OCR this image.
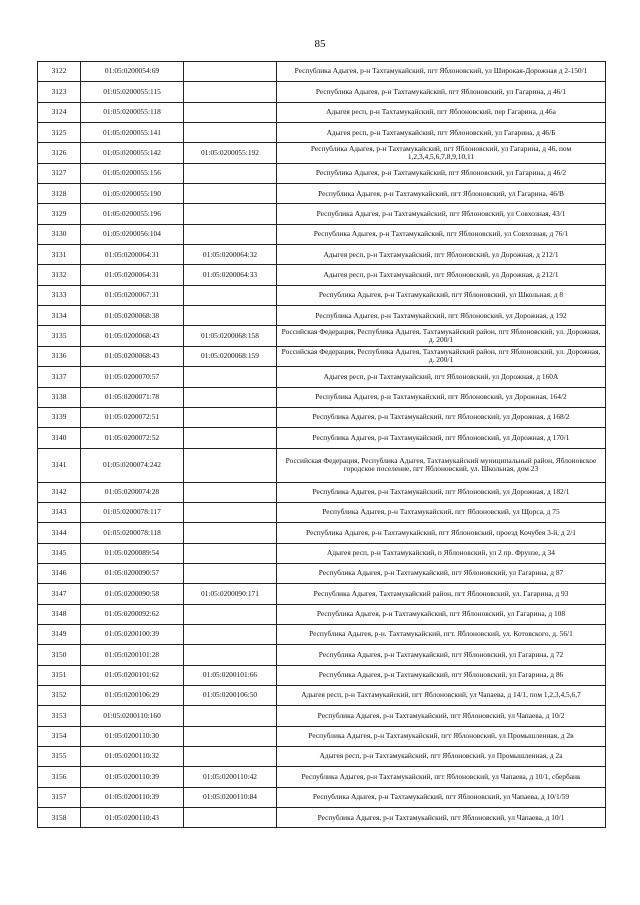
85
3122	01:05:0200054:69		Республика Адыгея, р-н Тахтамукайский, пгт Яблоновский, ул Широкая-Дорожная д 2-150/1
3123	01:05:0200055:115		Республика Адыгея, р-н Тахтамукайский, пгт Яблоновский, ул Гагарина, д 46/1
3124	01:05:0200055:118		Адыгея респ, р-н Тахтамукайский, пгт Яблоновский, пер Гагарина, д 46а
3125	01:05:0200055:141		Адыгея респ, р-н Тахтамукайский, пгт Яблоновский, ул Гагарина, д 46/Б
3126	01:05:0200055:142	01:05:0200055:192	Республика Адыгея, р-н Тахтамукайский, пгт Яблоновский, ул Гагарина, д 46, пом 1,2,3,4,5,6,7,8,9,10,11
3127	01:05:0200055:156		Республика Адыгея, р-н Тахтамукайский, пгт Яблоновский, ул Гагарина, д 46/2
3128	01:05:0200055:190		Республика Адыгея, р-н Тахтамукайский, пгт Яблоновский, ул Гагарина, 46/В
3129	01:05:0200055:196		Республика Адыгея, р-н Тахтамукайский, пгт Яблоновский, ул Совхозная, 43/1
3130	01:05:0200056:104		Республика Адыгея, р-н Тахтамукайский, пгт Яблоновский, ул Совхозная, д 76/1
3131	01:05:0200064:31	01:05:0200064:32	Адыгея респ, р-н Тахтамукайский, пгт Яблоновский, ул Дорожная, д 212/1
3132	01:05:0200064:31	01:05:0200064:33	Адыгея респ, р-н Тахтамукайский, пгт Яблоновский, ул Дорожная, д 212/1
3133	01:05:0200067:31		Республика Адыгея, р-н Тахтамукайский, пгт Яблоновский, ул Школьная, д 8
3134	01:05:0200068:38		Республика Адыгея, р-н Тахтамукайский, пгт Яблоновский, ул Дорожная, д 192
3135	01:05:0200068:43	01:05:0200068:158	Российская Федерация, Республика Адыгея, Тахтамукайский район, пгт Яблоновский, ул. Дорожная, д. 200/1
3136	01:05:0200068:43	01:05:0200068:159	Российская Федерация, Республика Адыгея, Тахтамукайский район, пгт Яблоновский, ул. Дорожная, д. 200/1
3137	01:05:0200070:57		Адыгея респ, р-н Тахтамукайский, пгт Яблоновский, ул Дорожная, д 160А
3138	01:05:0200071:78		Республика Адыгея, р-н Тахтамукайский, пгт Яблоновский, ул Дорожная, 164/2
3139	01:05:0200072:51		Республика Адыгея, р-н Тахтамукайский, пгт Яблоновский, ул Дорожная, д 168/2
3140	01:05:0200072:52		Республика Адыгея, р-н Тахтамукайский, пгт Яблоновский, ул Дорожная, д 170/1
3141	01:05:0200074:242		Российская Федерация, Республика Адыгея, Тахтамукайский муниципальный район, Яблоновское городское поселение, пгт Яблоновский, ул. Школьная, дом 23
3142	01:05:0200074:28		Республика Адыгея, р-н Тахтамукайский, пгт Яблоновский, ул Дорожная, д 182/1
3143	01:05:0200078:117		Республика Адыгея, р-н Тахтамукайский, пгт Яблоновский, ул Щорса, д 75
3144	01:05:0200078:118		Республика Адыгея, р-н Тахтамукайский, пгт Яблоновский, проезд Кочубея 3-й, д 2/1
3145	01:05:0200089:54		Адыгея респ, р-н Тахтамукайский, п Яблоновский, ул 2 пр. Фрунзе, д 34
3146	01:05:0200090:57		Республика Адыгея, р-н Тахтамукайский, пгт Яблоновский, ул Гагарина, д 87
3147	01:05:0200090:58	01:05:0200090:171	Республика Адыгея, Тахтамукайский район, пгт Яблоновский, ул. Гагарина, д 93
3148	01:05:0200092:62		Республика Адыгея, р-н Тахтамукайский, пгт Яблоновский, ул Гагарина, д 108
3149	01:05:0200100:39		Республика Адыгея, р-н. Тахтамукайский, пгт. Яблоновский, ул. Котовского, д. 56/1
3150	01:05:0200101:28		Республика Адыгея, р-н Тахтамукайский, пгт Яблоновский, ул Гагарина, д 72
3151	01:05:0200101:62	01:05:0200101:66	Республика Адыгея, р-н Тахтамукайский, пгт Яблоновский, ул Гагарина, д 86
3152	01:05:0200106:29	01:05:0200106:50	Адыгея респ, р-н Тахтамукайский, пгт Яблоновский, ул Чапаева, д 14/1, пом 1,2,3,4,5,6,7
3153	01:05:0200110:160		Республика Адыгея, р-н Тахтамукайский, пгт Яблоновский, ул Чапаева, д 10/2
3154	01:05:0200110:30		Республика Адыгея, р-н Тахтамукайский, пгт Яблоновский, ул Промышленная, д 2в
3155	01:05:0200110:32		Адыгея респ, р-н Тахтамукайский, пгт Яблоновский, ул Промышленная, д 2а
3156	01:05:0200110:39	01:05:0200110:42	Республика Адыгея, р-н Тахтамукайский, пгт Яблоновский, ул Чапаева, д 10/1, сбербанк
3157	01:05:0200110:39	01:05:0200110:84	Республика Адыгея, р-н Тахтамукайский, пгт Яблоновский, ул Чапаева, д 10/1/59
3158	01:05:0200110:43		Республика Адыгея, р-н Тахтамукайский, пгт Яблоновский, ул Чапаева, д 10/1
